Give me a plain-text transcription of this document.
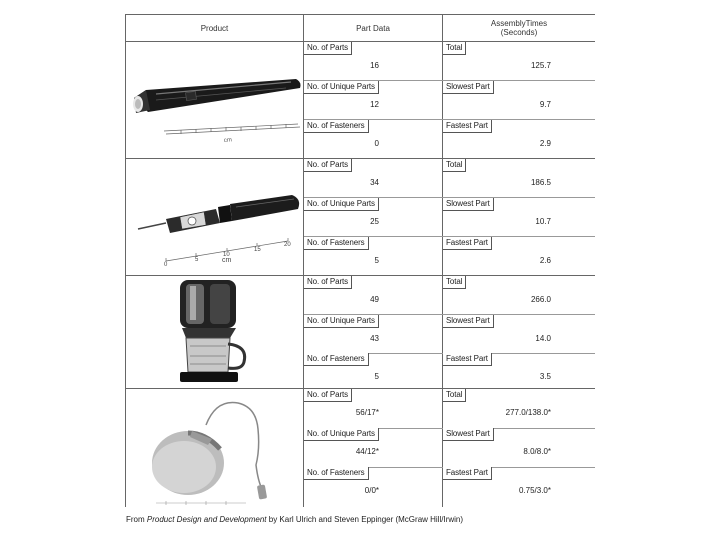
Product	Part Data	AssemblyTimes
(Seconds)
cm
No. of Parts
16
Total
125.7
No. of Unique Parts
12
Slowest Part
9.7
No. of Fasteners
0
Fastest Part
2.9
0
5
10
15
20
cm
No. of Parts
34
Total
186.5
No. of Unique Parts
25
Slowest Part
10.7
No. of Fasteners
5
Fastest Part
2.6
No. of Parts
49
Total
266.0
No. of Unique Parts
43
Slowest Part
14.0
No. of Fasteners
5
Fastest Part
3.5
No. of Parts
56/17*
Total
277.0/138.0*
No. of Unique Parts
44/12*
Slowest Part
8.0/8.0*
No. of Fasteners
0/0*
Fastest Part
0.75/3.0*
From Product Design and Development by Karl Ulrich and Steven Eppinger (McGraw Hill/Irwin)
